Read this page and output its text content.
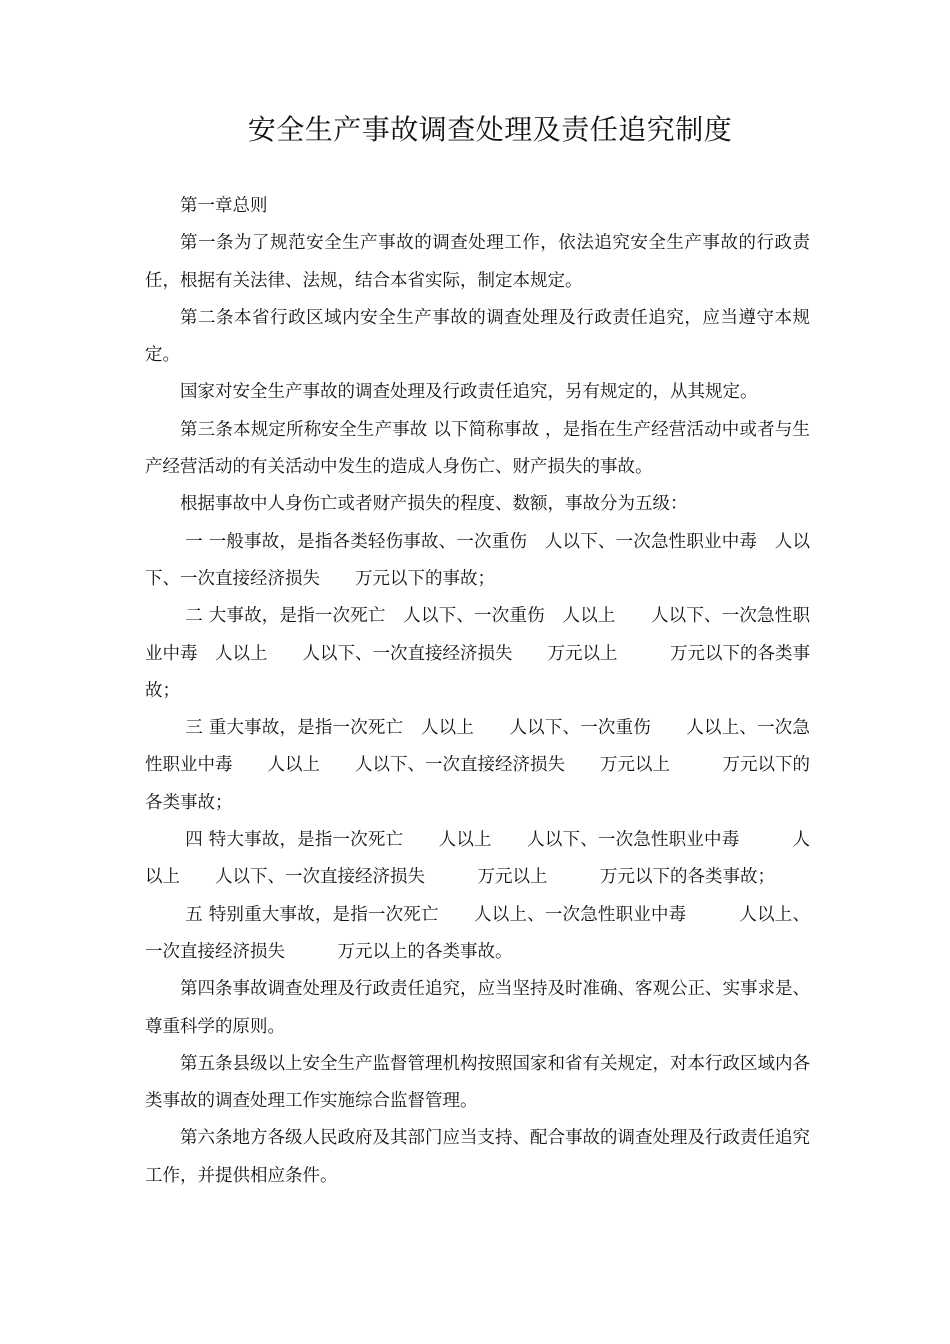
安全生产事故调查处理及责任追究制度

第一章总则

第一条为了规范安全生产事故的调查处理工作，依法追究安全生产事故的行政责任，根据有关法律、法规，结合本省实际，制定本规定。

第二条本省行政区域内安全生产事故的调查处理及行政责任追究，应当遵守本规定。

国家对安全生产事故的调查处理及行政责任追究，另有规定的，从其规定。

第三条本规定所称安全生产事故 以下简称事故 ，是指在生产经营活动中或者与生产经营活动的有关活动中发生的造成人身伤亡、财产损失的事故。

根据事故中人身伤亡或者财产损失的程度、数额，事故分为五级：

一 一般事故，是指各类轻伤事故、一次重伤　人以下、一次急性职业中毒　人以下、一次直接经济损失　　万元以下的事故；

二 大事故，是指一次死亡　人以下、一次重伤　人以上　　人以下、一次急性职业中毒　人以上　　人以下、一次直接经济损失　　万元以上　　　万元以下的各类事故；

三 重大事故，是指一次死亡　人以上　　人以下、一次重伤　　人以上、一次急性职业中毒　　人以上　　人以下、一次直接经济损失　　万元以上　　　万元以下的各类事故；

四 特大事故，是指一次死亡　　人以上　　人以下、一次急性职业中毒　　　人以上　　人以下、一次直接经济损失　　　万元以上　　　万元以下的各类事故；

五 特别重大事故，是指一次死亡　　人以上、一次急性职业中毒　　　人以上、一次直接经济损失　　　万元以上的各类事故。

第四条事故调查处理及行政责任追究，应当坚持及时准确、客观公正、实事求是、尊重科学的原则。

第五条县级以上安全生产监督管理机构按照国家和省有关规定，对本行政区域内各类事故的调查处理工作实施综合监督管理。

第六条地方各级人民政府及其部门应当支持、配合事故的调查处理及行政责任追究工作，并提供相应条件。
